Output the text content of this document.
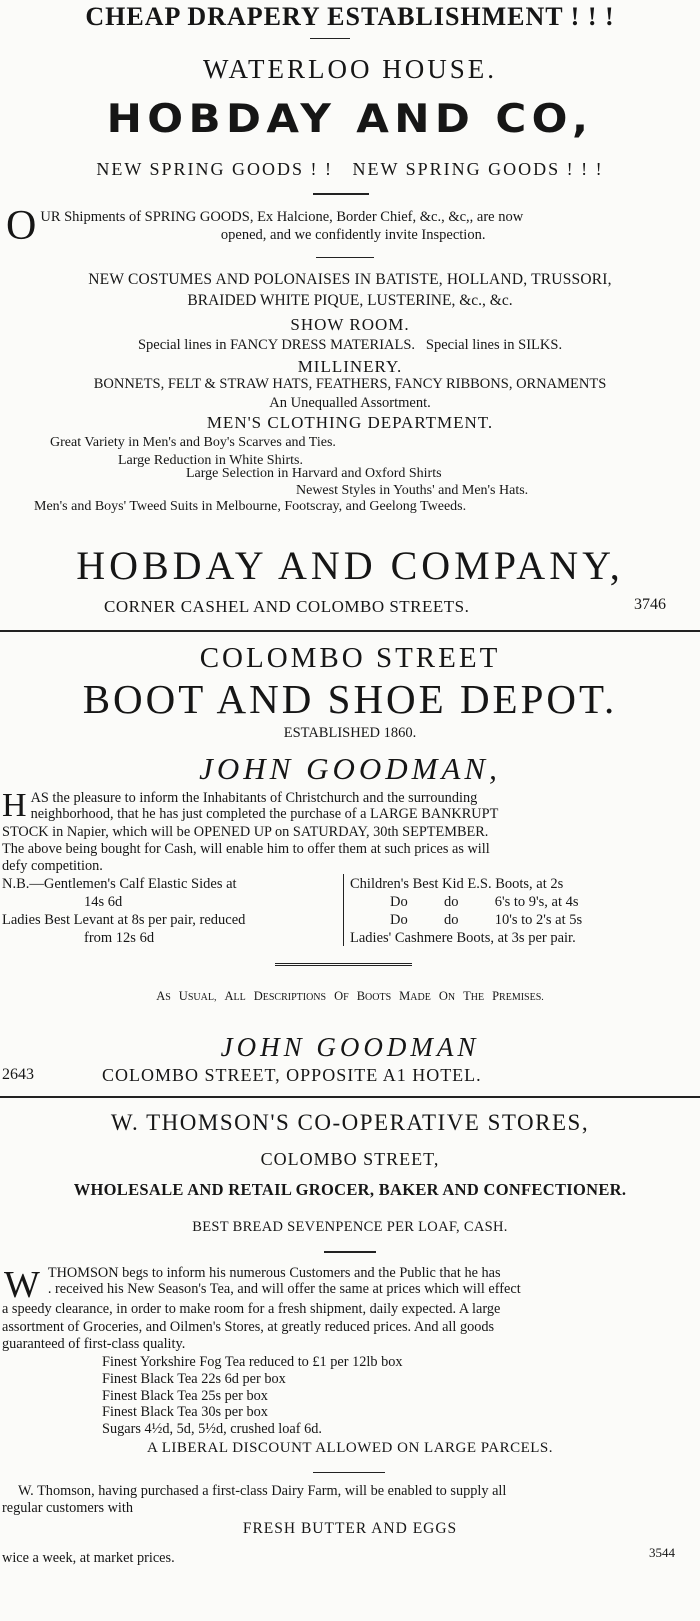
CHEAP DRAPERY ESTABLISHMENT ! ! !
WATERLOO HOUSE.
HOBDAY AND CO,
NEW SPRING GOODS ! !   NEW SPRING GOODS ! ! !
O UR Shipments of SPRING GOODS, Ex Halcione, Border Chief, &c., &c,, are now
opened, and we confidently invite Inspection.
NEW COSTUMES AND POLONAISES IN BATISTE, HOLLAND, TRUSSORI,
BRAIDED WHITE PIQUE, LUSTERINE, &c., &c.
SHOW ROOM.
Special lines in FANCY DRESS MATERIALS.   Special lines in SILKS.
MILLINERY.
BONNETS, FELT & STRAW HATS, FEATHERS, FANCY RIBBONS, ORNAMENTS
An Unequalled Assortment.
MEN'S CLOTHING DEPARTMENT.
Great Variety in Men's and Boy's Scarves and Ties.
Large Reduction in White Shirts.
Large Selection in Harvard and Oxford Shirts
Newest Styles in Youths' and Men's Hats.
Men's and Boys' Tweed Suits in Melbourne, Footscray, and Geelong Tweeds.
HOBDAY AND COMPANY,
CORNER CASHEL AND COLOMBO STREETS.	3746
COLOMBO STREET
BOOT AND SHOE DEPOT.
ESTABLISHED 1860.
JOHN GOODMAN,
H AS the pleasure to inform the Inhabitants of Christchurch and the surrounding
neighborhood, that he has just completed the purchase of a LARGE BANKRUPT
STOCK in Napier, which will be OPENED UP on SATURDAY, 30th SEPTEMBER.
The above being bought for Cash, will enable him to offer them at such prices as will
defy competition.
N.B.—Gentlemen's Calf Elastic Sides at
14s 6d
Ladies Best Levant at 8s per pair, reduced
from 12s 6d
Children's Best Kid E.S. Boots, at 2s
Do          do          6's to 9's, at 4s
Do          do          10's to 2's at 5s
Ladies' Cashmere Boots, at 3s per pair.
AS USUAL, ALL DESCRIPTIONS OF BOOTS MADE ON THE PREMISES.
JOHN GOODMAN
2643	COLOMBO STREET, OPPOSITE A1 HOTEL.
W. THOMSON'S CO-OPERATIVE STORES,
COLOMBO STREET,
WHOLESALE AND RETAIL GROCER, BAKER AND CONFECTIONER.
BEST BREAD SEVENPENCE PER LOAF, CASH.
W THOMSON begs to inform his numerous Customers and the Public that he has
. received his New Season's Tea, and will offer the same at prices which will effect
a speedy clearance, in order to make room for a fresh shipment, daily expected. A large
assortment of Groceries, and Oilmen's Stores, at greatly reduced prices. And all goods
guaranteed of first-class quality.
Finest Yorkshire Fog Tea reduced to £1 per 12lb box
Finest Black Tea 22s 6d per box
Finest Black Tea 25s per box
Finest Black Tea 30s per box
Sugars 4½d, 5d, 5½d, crushed loaf 6d.
A LIBERAL DISCOUNT ALLOWED ON LARGE PARCELS.
W. Thomson, having purchased a first-class Dairy Farm, will be enabled to supply all
regular customers with
FRESH BUTTER AND EGGS
wice a week, at market prices.	3544
